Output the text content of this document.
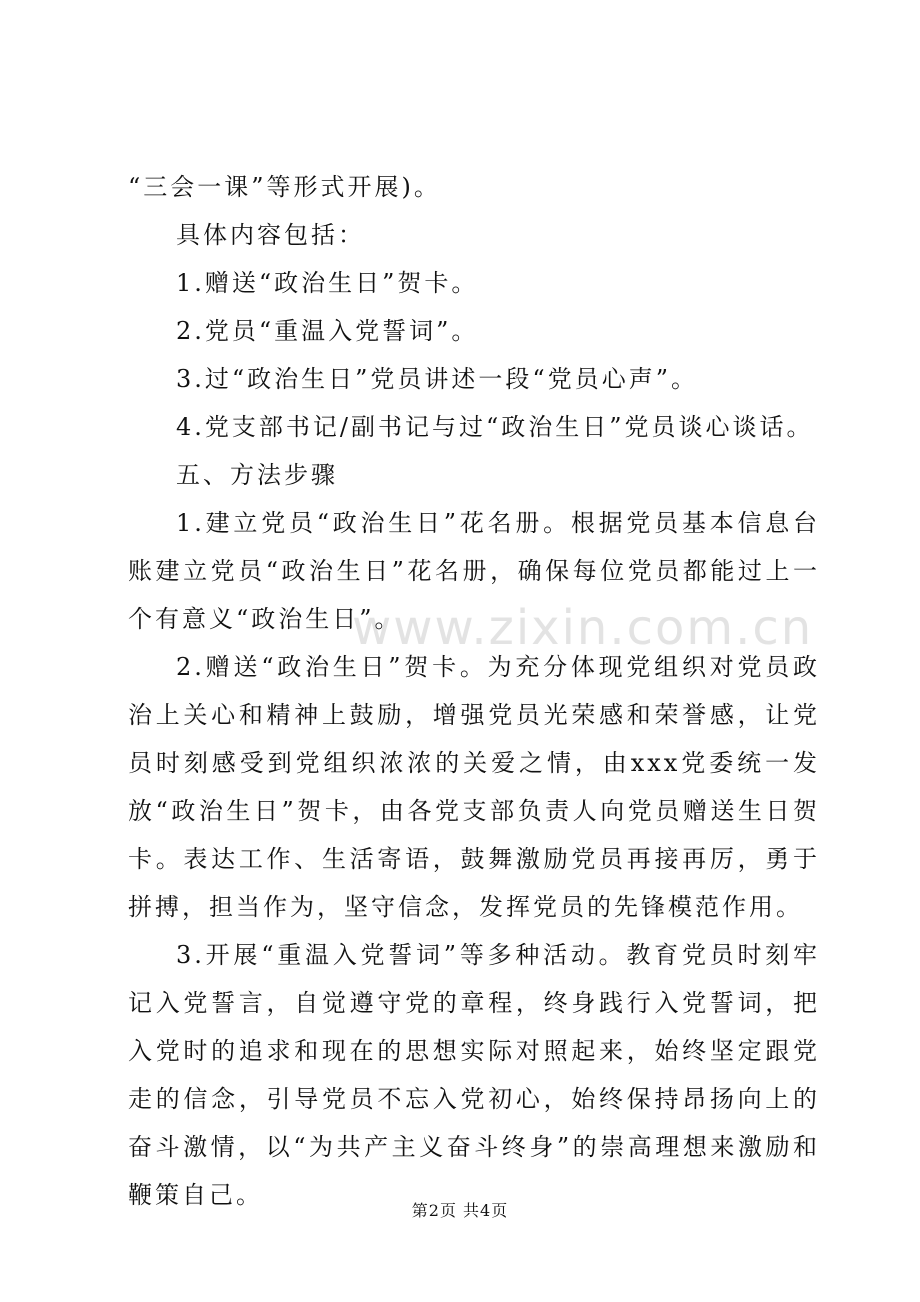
www.zixin.com.cn

“三会一课”等形式开展)。

具体内容包括：

1.赠送“政治生日”贺卡。

2.党员“重温入党誓词”。

3.过“政治生日”党员讲述一段“党员心声”。

4.党支部书记/副书记与过“政治生日”党员谈心谈话。

五、方法步骤

1.建立党员“政治生日”花名册。根据党员基本信息台账建立党员“政治生日”花名册，确保每位党员都能过上一个有意义“政治生日”。

2.赠送“政治生日”贺卡。为充分体现党组织对党员政治上关心和精神上鼓励，增强党员光荣感和荣誉感，让党员时刻感受到党组织浓浓的关爱之情，由xxx党委统一发放“政治生日”贺卡，由各党支部负责人向党员赠送生日贺卡。表达工作、生活寄语，鼓舞激励党员再接再厉，勇于拼搏，担当作为，坚守信念，发挥党员的先锋模范作用。

3.开展“重温入党誓词”等多种活动。教育党员时刻牢记入党誓言，自觉遵守党的章程，终身践行入党誓词，把入党时的追求和现在的思想实际对照起来，始终坚定跟党走的信念，引导党员不忘入党初心，始终保持昂扬向上的奋斗激情，以“为共产主义奋斗终身”的崇高理想来激励和鞭策自己。

第2页 共4页
